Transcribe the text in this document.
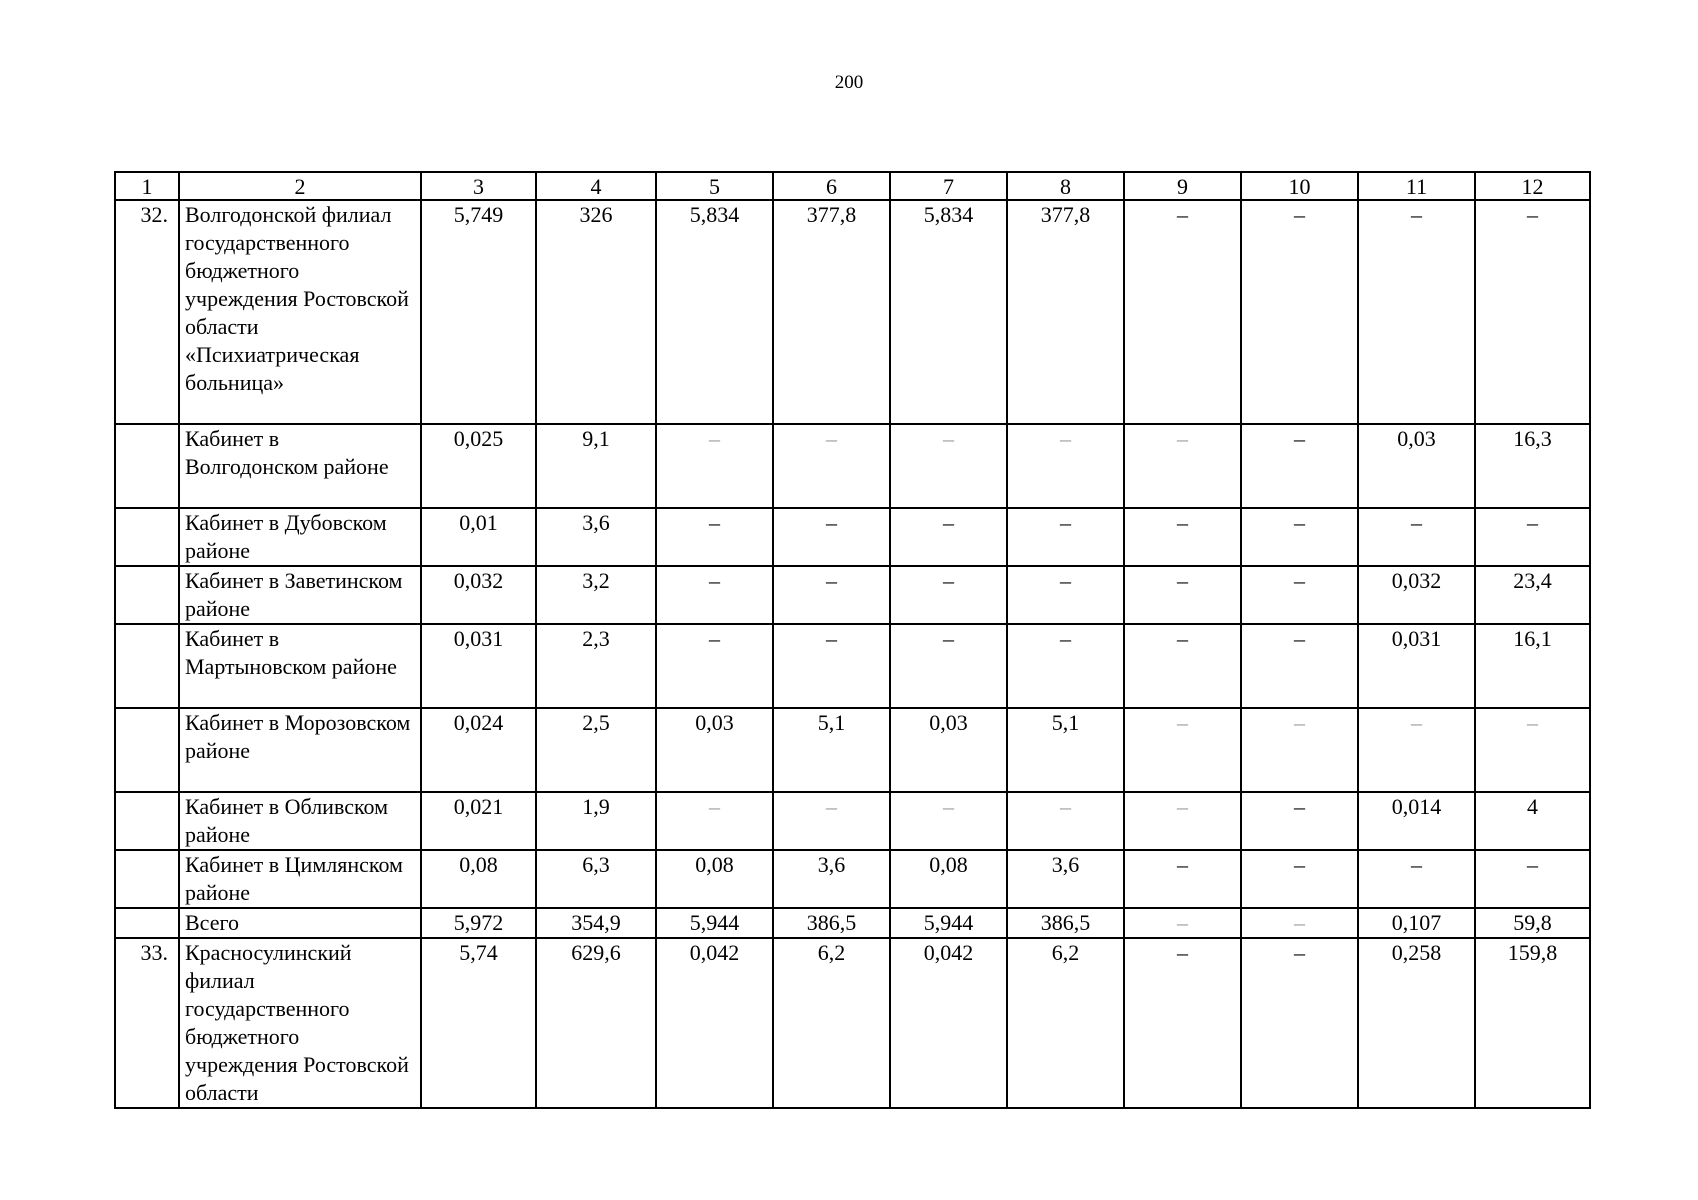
200
1	2	3	4	5	6	7	8	9	10	11	12
32.	Волгодонской филиал государственного бюджетного учреждения Ростовской области «Психиатрическая больница»	5,749	326	5,834	377,8	5,834	377,8	–	–	–	–
	Кабинет в Волгодонском районе	0,025	9,1	–	–	–	–	–	–	0,03	16,3
	Кабинет в Дубовском районе	0,01	3,6	–	–	–	–	–	–	–	–
	Кабинет в Заветинском районе	0,032	3,2	–	–	–	–	–	–	0,032	23,4
	Кабинет в Мартыновском районе	0,031	2,3	–	–	–	–	–	–	0,031	16,1
	Кабинет в Морозовском районе	0,024	2,5	0,03	5,1	0,03	5,1	–	–	–	–
	Кабинет в Обливском районе	0,021	1,9	–	–	–	–	–	–	0,014	4
	Кабинет в Цимлянском районе	0,08	6,3	0,08	3,6	0,08	3,6	–	–	–	–
	Всего	5,972	354,9	5,944	386,5	5,944	386,5	–	–	0,107	59,8
33.	Красносулинский филиал государственного бюджетного учреждения Ростовской области	5,74	629,6	0,042	6,2	0,042	6,2	–	–	0,258	159,8
